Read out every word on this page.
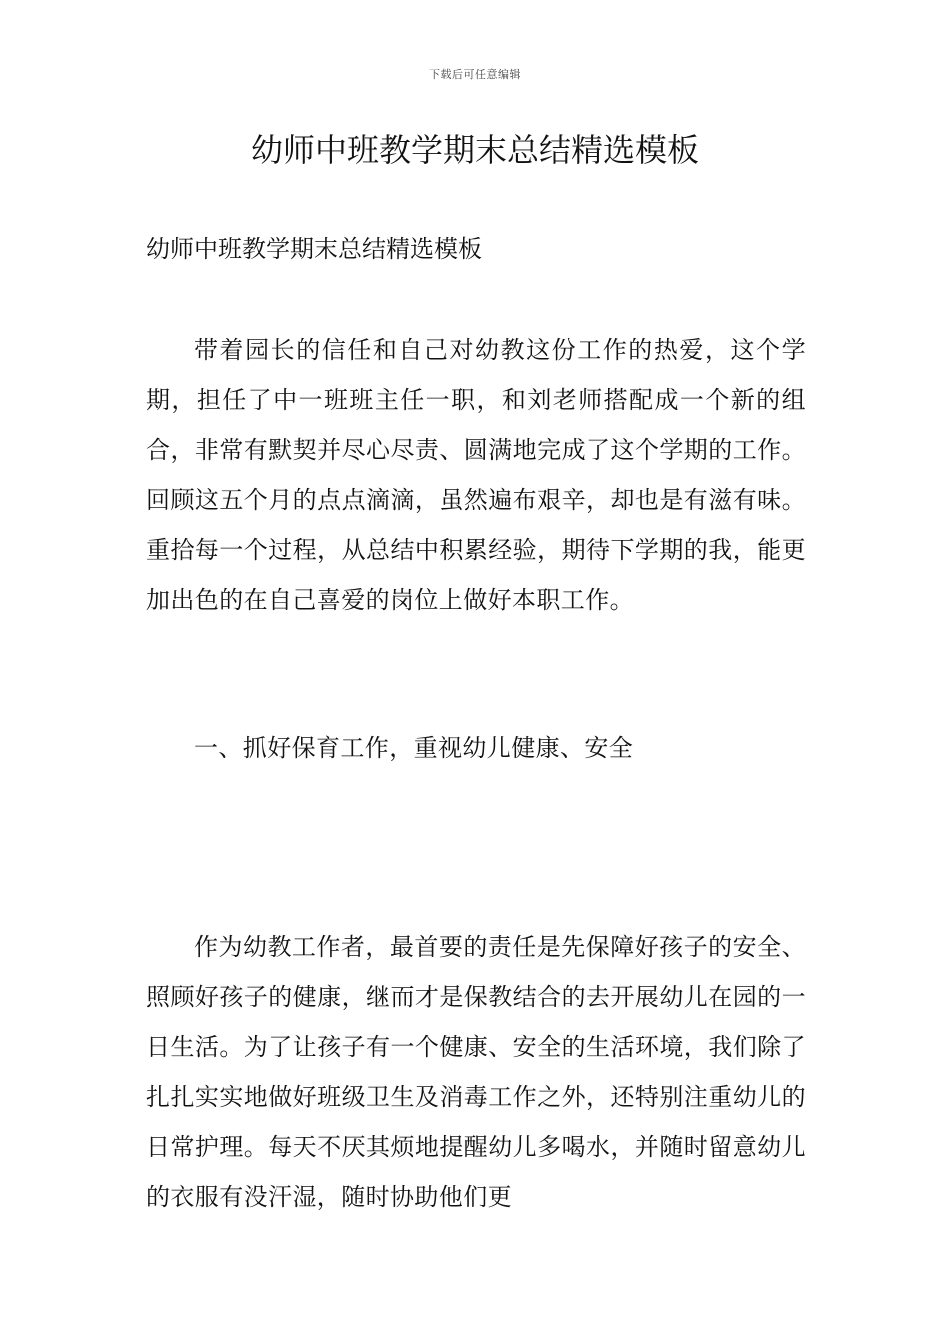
下载后可任意编辑
幼师中班教学期末总结精选模板

幼师中班教学期末总结精选模板

带着园长的信任和自己对幼教这份工作的热爱，这个学期，担任了中一班班主任一职，和刘老师搭配成一个新的组合，非常有默契并尽心尽责、圆满地完成了这个学期的工作。回顾这五个月的点点滴滴，虽然遍布艰辛，却也是有滋有味。重拾每一个过程，从总结中积累经验，期待下学期的我，能更加出色的在自己喜爱的岗位上做好本职工作。

一、抓好保育工作，重视幼儿健康、安全

作为幼教工作者，最首要的责任是先保障好孩子的安全、照顾好孩子的健康，继而才是保教结合的去开展幼儿在园的一日生活。为了让孩子有一个健康、安全的生活环境，我们除了扎扎实实地做好班级卫生及消毒工作之外，还特别注重幼儿的日常护理。每天不厌其烦地提醒幼儿多喝水，并随时留意幼儿的衣服有没汗湿，随时协助他们更
